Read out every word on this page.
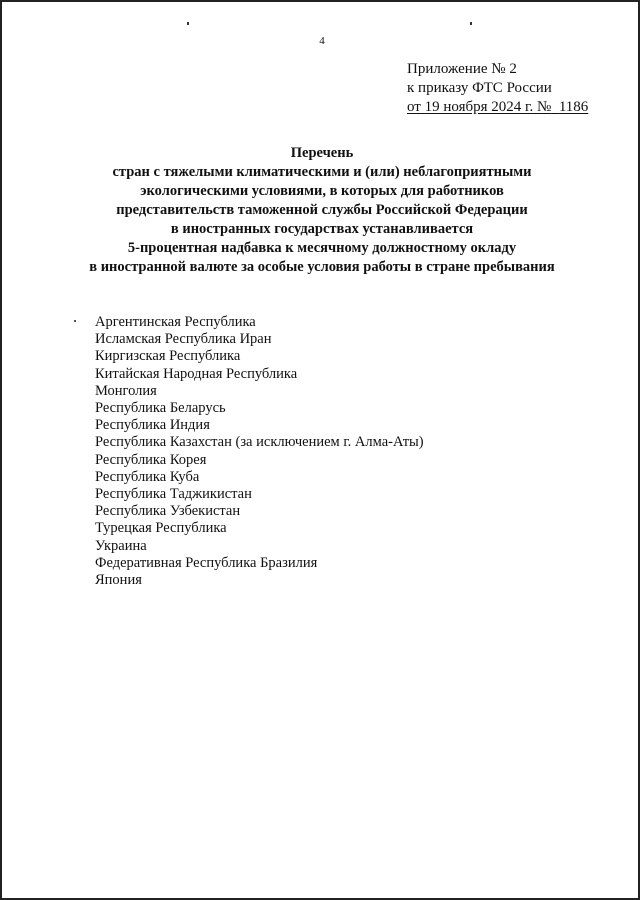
4
Приложение № 2
к приказу ФТС России
от 19 ноября 2024 г. № 1186
Перечень
стран с тяжелыми климатическими и (или) неблагоприятными
экологическими условиями, в которых для работников
представительств таможенной службы Российской Федерации
в иностранных государствах устанавливается
5-процентная надбавка к месячному должностному окладу
в иностранной валюте за особые условия работы в стране пребывания
Аргентинская Республика
Исламская Республика Иран
Киргизская Республика
Китайская Народная Республика
Монголия
Республика Беларусь
Республика Индия
Республика Казахстан (за исключением г. Алма-Аты)
Республика Корея
Республика Куба
Республика Таджикистан
Республика Узбекистан
Турецкая Республика
Украина
Федеративная Республика Бразилия
Япония
